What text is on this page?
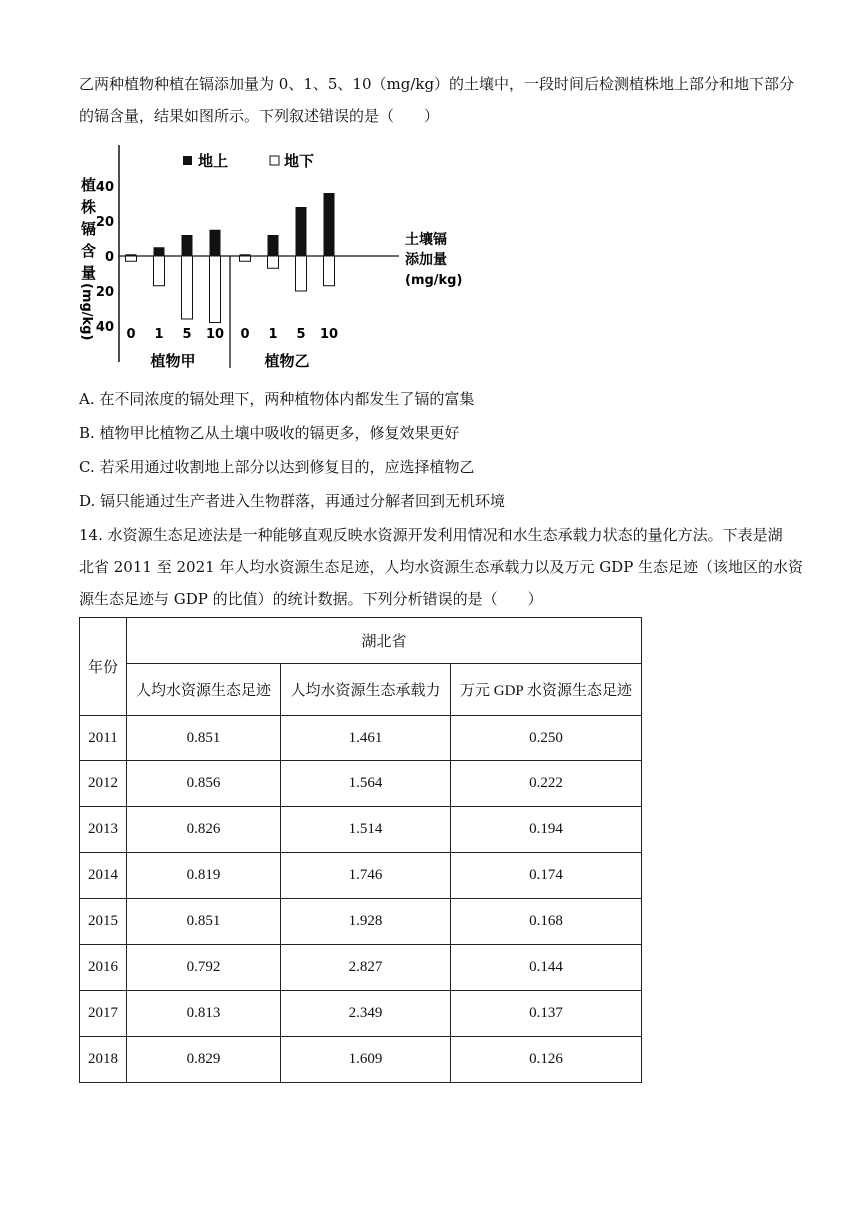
乙两种植物种植在镉添加量为 0、1、5、10（mg/kg）的土壤中，一段时间后检测植株地上部分和地下部分
的镉含量，结果如图所示。下列叙述错误的是（　　）
地上	地下
土壤镉
添加量
(mg/kg)
植
株
镉
含
量
(mg/kg)
40
20
0
20
40 0 1 5 10
植物甲
0 1 5 10
植物乙
A. 在不同浓度的镉处理下，两种植物体内都发生了镉的富集
B. 植物甲比植物乙从土壤中吸收的镉更多，修复效果更好
C. 若采用通过收割地上部分以达到修复目的，应选择植物乙
D. 镉只能通过生产者进入生物群落，再通过分解者回到无机环境
14. 水资源生态足迹法是一种能够直观反映水资源开发利用情况和水生态承载力状态的量化方法。下表是湖
北省 2011 至 2021 年人均水资源生态足迹，人均水资源生态承载力以及万元 GDP 生态足迹（该地区的水资
源生态足迹与 GDP 的比值）的统计数据。下列分析错误的是（　　）
年份	湖北省		
	人均水资源生态足迹	人均水资源生态承载力	万元 GDP 水资源生态足迹
2011	0.851	1.461	0.250
2012	0.856	1.564	0.222
2013	0.826	1.514	0.194
2014	0.819	1.746	0.174
2015	0.851	1.928	0.168
2016	0.792	2.827	0.144
2017	0.813	2.349	0.137
2018	0.829	1.609	0.126
